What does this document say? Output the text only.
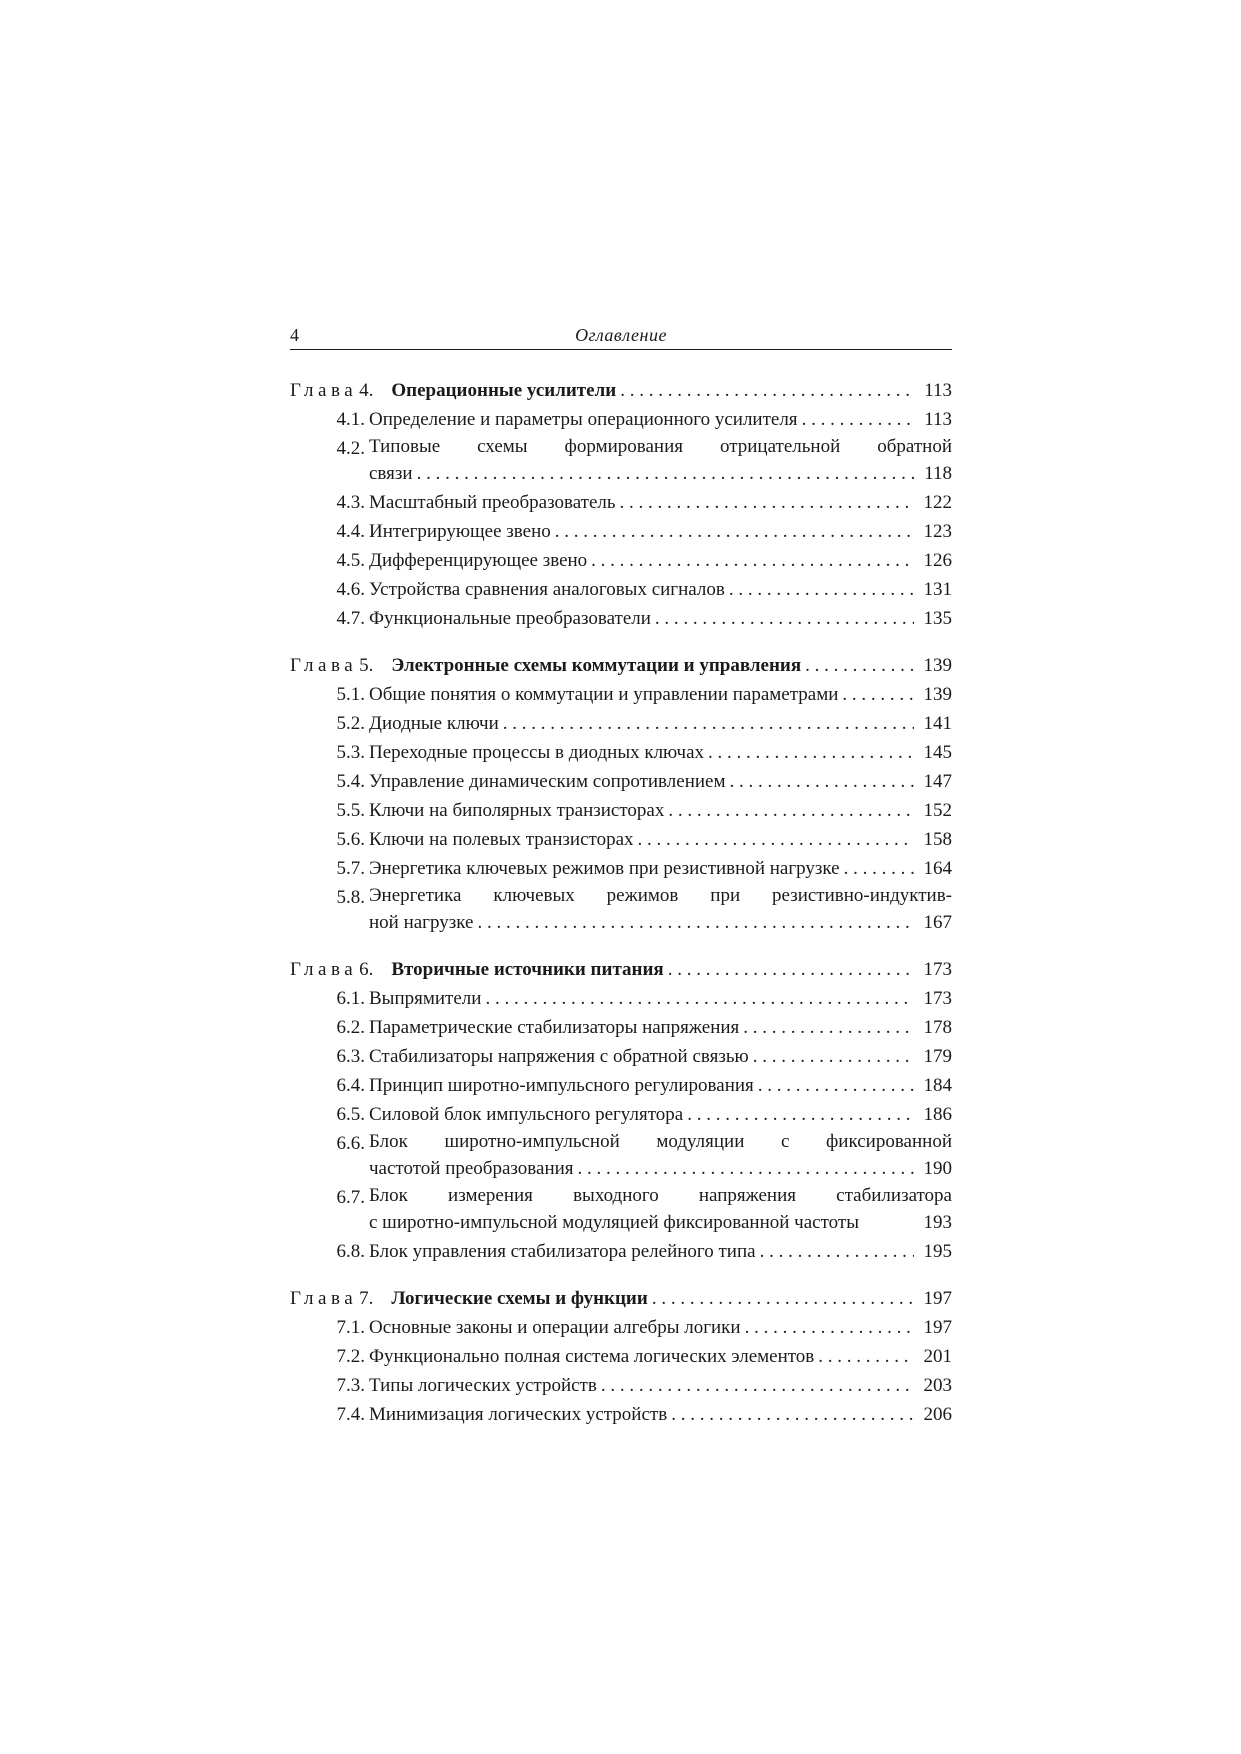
4	Оглавление
Глава 4. Операционные усилители . . .	113
4.1. Определение и параметры операционного усилителя . . .	113
4.2. Типовые схемы формирования отрицательной обратной
связи . . .	118
4.3. Масштабный преобразователь . . .	122
4.4. Интегрирующее звено . . .	123
4.5. Дифференцирующее звено . . .	126
4.6. Устройства сравнения аналоговых сигналов . . .	131
4.7. Функциональные преобразователи . . .	135
Глава 5. Электронные схемы коммутации и управления . . .	139
5.1. Общие понятия о коммутации и управлении параметрами . . .	139
5.2. Диодные ключи . . .	141
5.3. Переходные процессы в диодных ключах . . .	145
5.4. Управление динамическим сопротивлением . . .	147
5.5. Ключи на биполярных транзисторах . . .	152
5.6. Ключи на полевых транзисторах . . .	158
5.7. Энергетика ключевых режимов при резистивной нагрузке . . .	164
5.8. Энергетика ключевых режимов при резистивно-индуктив-
ной нагрузке . . .	167
Глава 6. Вторичные источники питания . . .	173
6.1. Выпрямители . . .	173
6.2. Параметрические стабилизаторы напряжения . . .	178
6.3. Стабилизаторы напряжения с обратной связью . . .	179
6.4. Принцип широтно-импульсного регулирования . . .	184
6.5. Силовой блок импульсного регулятора . . .	186
6.6. Блок широтно-импульсной модуляции с фиксированной
частотой преобразования . . .	190
6.7. Блок измерения выходного напряжения стабилизатора
с широтно-импульсной модуляцией фиксированной частоты	193
6.8. Блок управления стабилизатора релейного типа . . .	195
Глава 7. Логические схемы и функции . . .	197
7.1. Основные законы и операции алгебры логики . . .	197
7.2. Функционально полная система логических элементов . . .	201
7.3. Типы логических устройств . . .	203
7.4. Минимизация логических устройств . . .	206
